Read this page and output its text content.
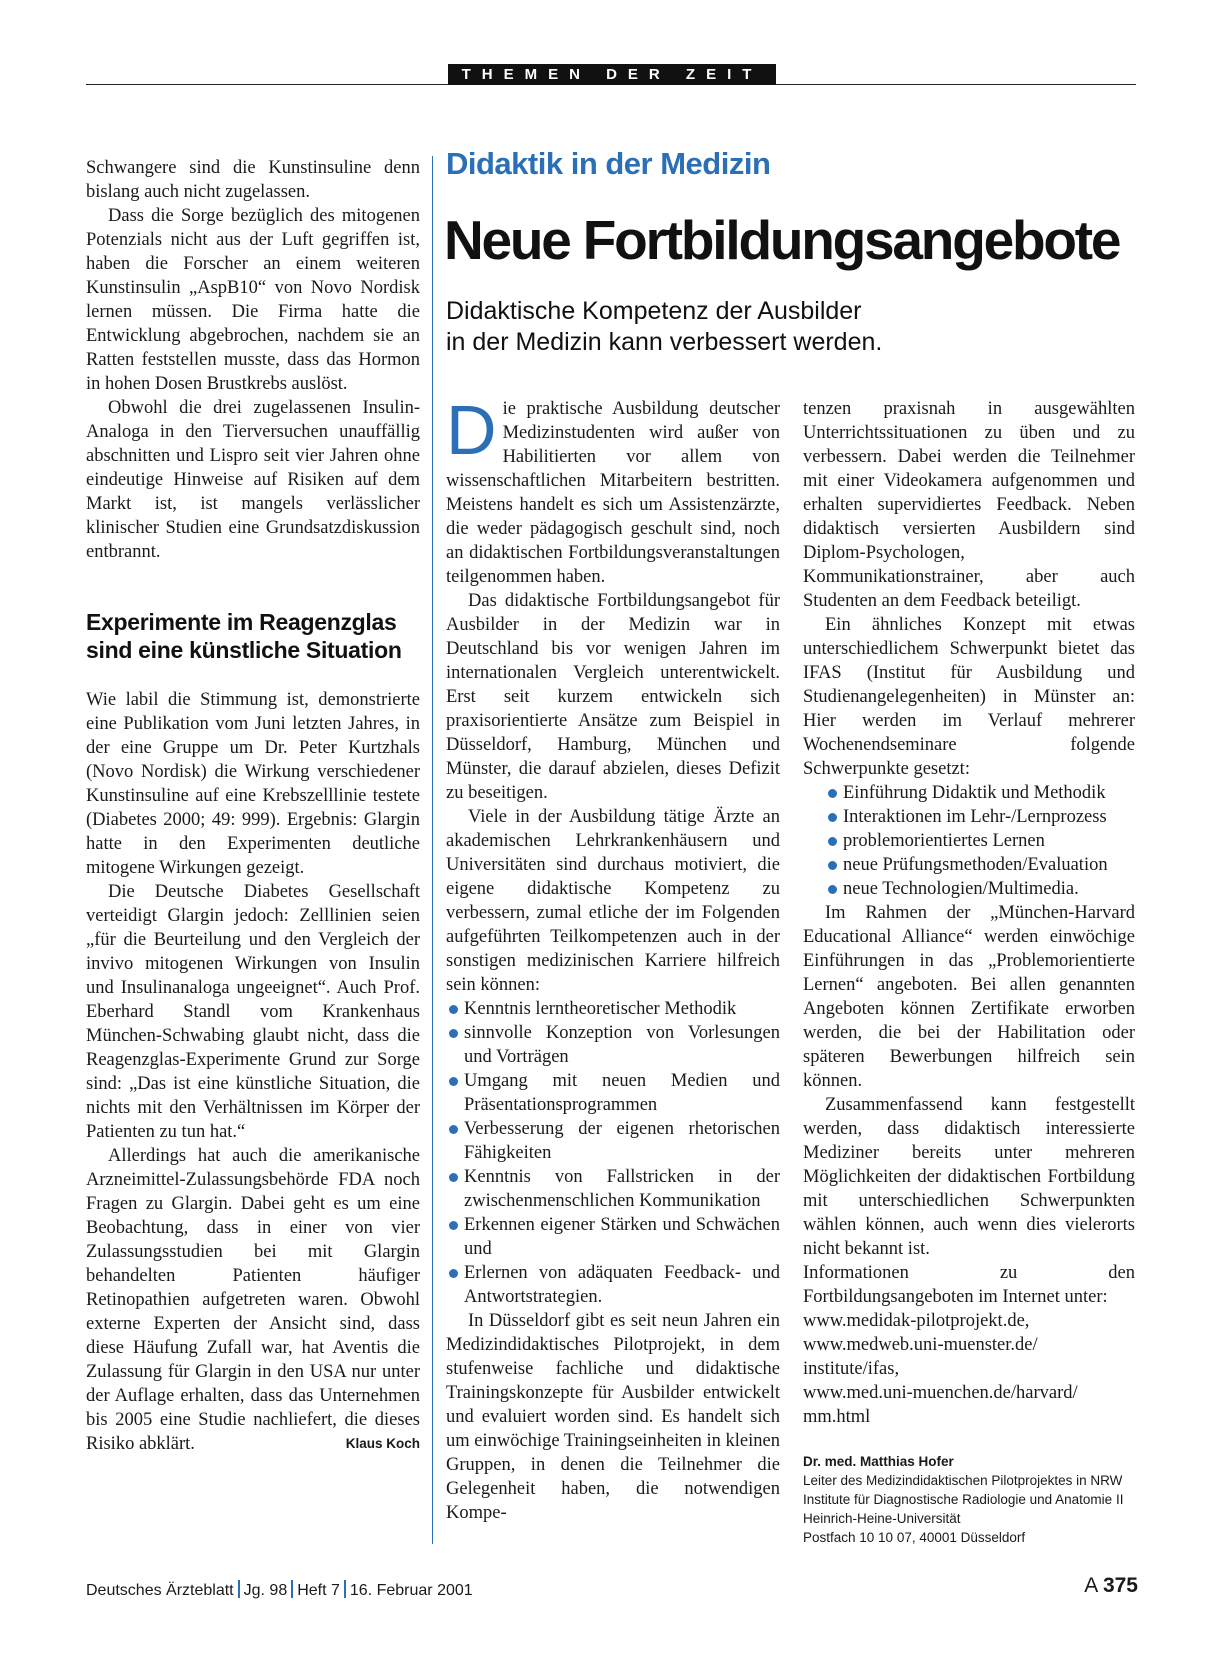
THEMEN DER ZEIT

Schwangere sind die Kunstinsuline denn bislang auch nicht zugelassen.

Dass die Sorge bezüglich des mitogenen Potenzials nicht aus der Luft gegriffen ist, haben die Forscher an einem weiteren Kunstinsulin „AspB10“ von Novo Nordisk lernen müssen. Die Firma hatte die Entwicklung abgebrochen, nachdem sie an Ratten feststellen musste, dass das Hormon in hohen Dosen Brustkrebs auslöst.

Obwohl die drei zugelassenen Insulin-Analoga in den Tierversuchen unauffällig abschnitten und Lispro seit vier Jahren ohne eindeutige Hinweise auf Risiken auf dem Markt ist, ist mangels verlässlicher klinischer Studien eine Grundsatzdiskussion entbrannt.

Experimente im Reagenzglas
sind eine künstliche Situation

Wie labil die Stimmung ist, demonstrierte eine Publikation vom Juni letzten Jahres, in der eine Gruppe um Dr. Peter Kurtzhals (Novo Nordisk) die Wirkung verschiedener Kunstinsuline auf eine Krebszelllinie testete (Diabetes 2000; 49: 999). Ergebnis: Glargin hatte in den Experimenten deutliche mitogene Wirkungen gezeigt.

Die Deutsche Diabetes Gesellschaft verteidigt Glargin jedoch: Zelllinien seien „für die Beurteilung und den Vergleich der invivo mitogenen Wirkungen von Insulin und Insulinanaloga ungeeignet“. Auch Prof. Eberhard Standl vom Krankenhaus München-Schwabing glaubt nicht, dass die Reagenzglas-Experimente Grund zur Sorge sind: „Das ist eine künstliche Situation, die nichts mit den Verhältnissen im Körper der Patienten zu tun hat.“

Allerdings hat auch die amerikanische Arzneimittel-Zulassungsbehörde FDA noch Fragen zu Glargin. Dabei geht es um eine Beobachtung, dass in einer von vier Zulassungsstudien bei mit Glargin behandelten Patienten häufiger Retinopathien aufgetreten waren. Obwohl externe Experten der Ansicht sind, dass diese Häufung Zufall war, hat Aventis die Zulassung für Glargin in den USA nur unter der Auflage erhalten, dass das Unternehmen bis 2005 eine Studie nachliefert, die dieses Risiko abklärt.	Klaus Koch

Didaktik in der Medizin
Neue Fortbildungsangebote
Didaktische Kompetenz der Ausbilder
in der Medizin kann verbessert werden.

Die praktische Ausbildung deutscher Medizinstudenten wird außer von Habilitierten vor allem von wissenschaftlichen Mitarbeitern bestritten. Meistens handelt es sich um Assistenzärzte, die weder pädagogisch geschult sind, noch an didaktischen Fortbildungsveranstaltungen teilgenommen haben.

Das didaktische Fortbildungsangebot für Ausbilder in der Medizin war in Deutschland bis vor wenigen Jahren im internationalen Vergleich unterentwickelt. Erst seit kurzem entwickeln sich praxisorientierte Ansätze zum Beispiel in Düsseldorf, Hamburg, München und Münster, die darauf abzielen, dieses Defizit zu beseitigen.

Viele in der Ausbildung tätige Ärzte an akademischen Lehrkrankenhäusern und Universitäten sind durchaus motiviert, die eigene didaktische Kompetenz zu verbessern, zumal etliche der im Folgenden aufgeführten Teilkompetenzen auch in der sonstigen medizinischen Karriere hilfreich sein können:

Kenntnis lerntheoretischer Methodik
sinnvolle Konzeption von Vorlesungen und Vorträgen
Umgang mit neuen Medien und Präsentationsprogrammen
Verbesserung der eigenen rhetorischen Fähigkeiten
Kenntnis von Fallstricken in der zwischenmenschlichen Kommunikation
Erkennen eigener Stärken und Schwächen und
Erlernen von adäquaten Feedback- und Antwortstrategien.

In Düsseldorf gibt es seit neun Jahren ein Medizindidaktisches Pilotprojekt, in dem stufenweise fachliche und didaktische Trainingskonzepte für Ausbilder entwickelt und evaluiert worden sind. Es handelt sich um einwöchige Trainingseinheiten in kleinen Gruppen, in denen die Teilnehmer die Gelegenheit haben, die notwendigen Kompe-

tenzen praxisnah in ausgewählten Unterrichtssituationen zu üben und zu verbessern. Dabei werden die Teilnehmer mit einer Videokamera aufgenommen und erhalten supervidiertes Feedback. Neben didaktisch versierten Ausbildern sind Diplom-Psychologen, Kommunikationstrainer, aber auch Studenten an dem Feedback beteiligt.

Ein ähnliches Konzept mit etwas unterschiedlichem Schwerpunkt bietet das IFAS (Institut für Ausbildung und Studienangelegenheiten) in Münster an: Hier werden im Verlauf mehrerer Wochenendseminare folgende Schwerpunkte gesetzt:

Einführung Didaktik und Methodik
Interaktionen im Lehr-/Lernprozess
problemorientiertes Lernen
neue Prüfungsmethoden/Evaluation
neue Technologien/Multimedia.

Im Rahmen der „München-Harvard Educational Alliance“ werden einwöchige Einführungen in das „Problemorientierte Lernen“ angeboten. Bei allen genannten Angeboten können Zertifikate erworben werden, die bei der Habilitation oder späteren Bewerbungen hilfreich sein können.

Zusammenfassend kann festgestellt werden, dass didaktisch interessierte Mediziner bereits unter mehreren Möglichkeiten der didaktischen Fortbildung mit unterschiedlichen Schwerpunkten wählen können, auch wenn dies vielerorts nicht bekannt ist.

Informationen zu den Fortbildungsangeboten im Internet unter:

www.medidak-pilotprojekt.de,
www.medweb.uni-muenster.de/
institute/ifas,
www.med.uni-muenchen.de/harvard/
mm.html
Dr. med. Matthias Hofer
Leiter des Medizindidaktischen Pilotprojektes in NRW
Institute für Diagnostische Radiologie und Anatomie II
Heinrich-Heine-Universität
Postfach 10 10 07, 40001 Düsseldorf
Deutsches Ärzteblatt Jg. 98 Heft 7 16. Februar 2001	A 375
